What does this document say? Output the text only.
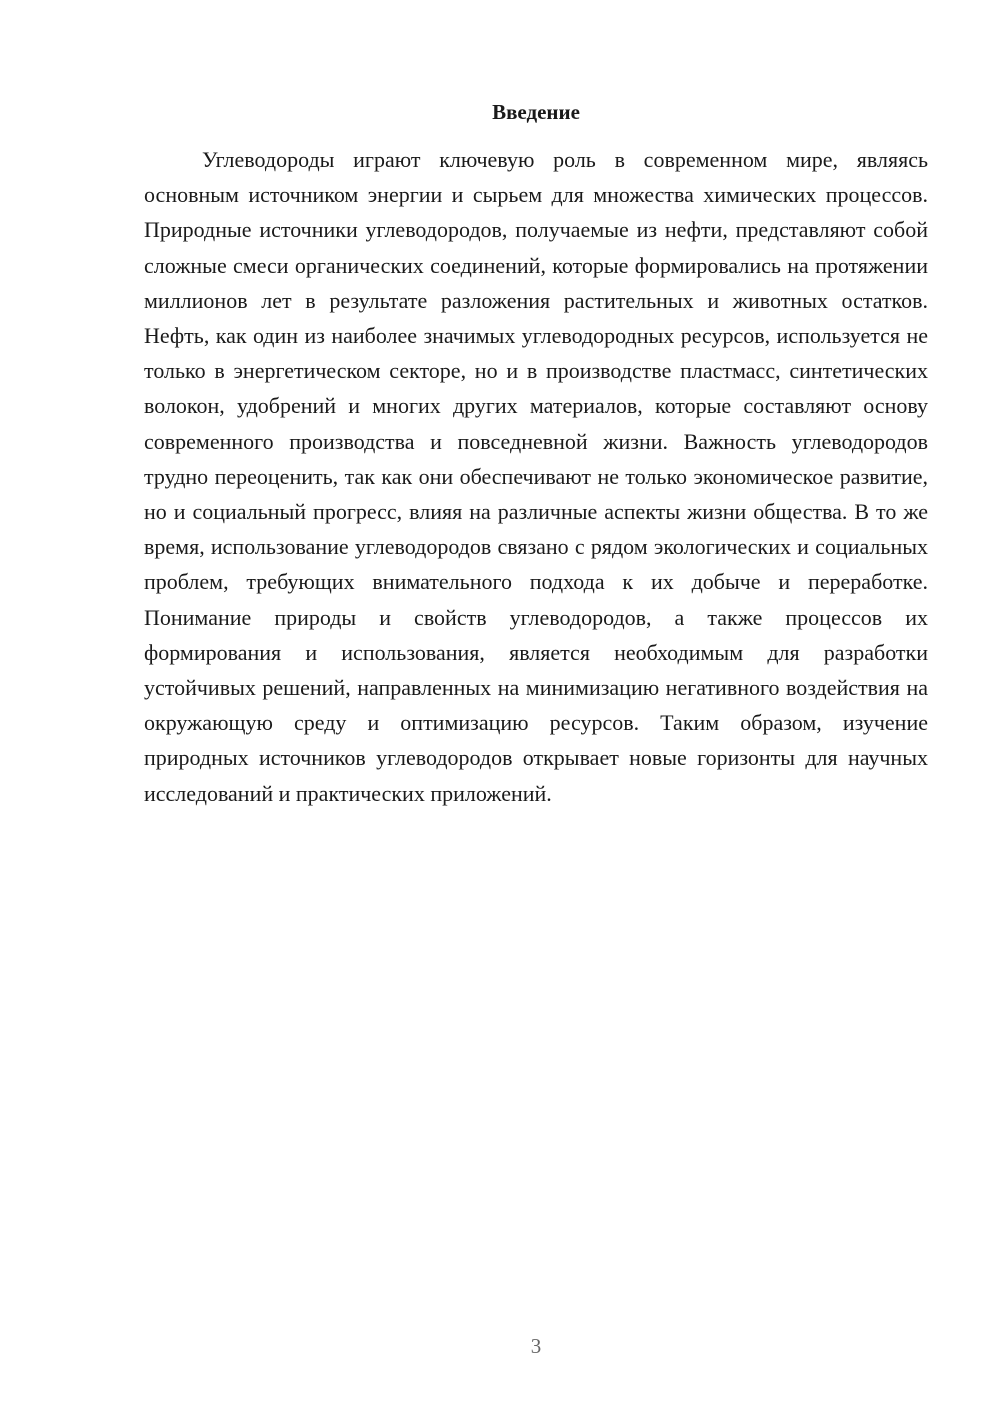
Введение

Углеводороды играют ключевую роль в современном мире, являясь основным источником энергии и сырьем для множества химических процессов. Природные источники углеводородов, получаемые из нефти, представляют собой сложные смеси органических соединений, которые формировались на протяжении миллионов лет в результате разложения растительных и животных остатков. Нефть, как один из наиболее значимых углеводородных ресурсов, используется не только в энергетическом секторе, но и в производстве пластмасс, синтетических волокон, удобрений и многих других материалов, которые составляют основу современного производства и повседневной жизни. Важность углеводородов трудно переоценить, так как они обеспечивают не только экономическое развитие, но и социальный прогресс, влияя на различные аспекты жизни общества. В то же время, использование углеводородов связано с рядом экологических и социальных проблем, требующих внимательного подхода к их добыче и переработке. Понимание природы и свойств углеводородов, а также процессов их формирования и использования, является необходимым для разработки устойчивых решений, направленных на минимизацию негативного воздействия на окружающую среду и оптимизацию ресурсов. Таким образом, изучение природных источников углеводородов открывает новые горизонты для научных исследований и практических приложений.

3
